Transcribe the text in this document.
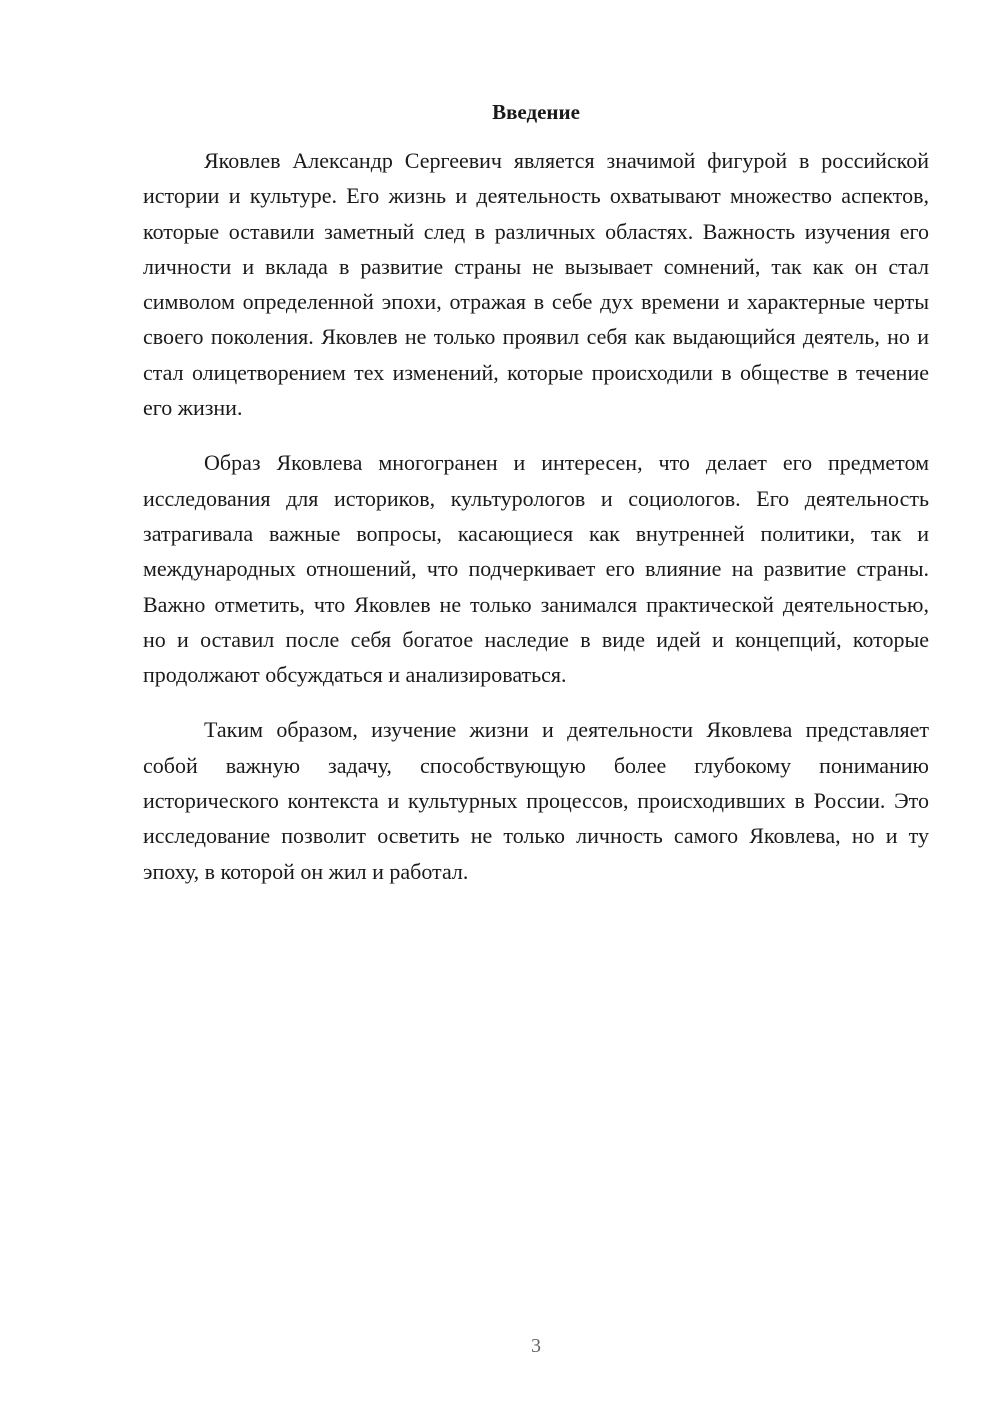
Введение

Яковлев Александр Сергеевич является значимой фигурой в российской истории и культуре. Его жизнь и деятельность охватывают множество аспектов, которые оставили заметный след в различных областях. Важность изучения его личности и вклада в развитие страны не вызывает сомнений, так как он стал символом определенной эпохи, отражая в себе дух времени и характерные черты своего поколения. Яковлев не только проявил себя как выдающийся деятель, но и стал олицетворением тех изменений, которые происходили в обществе в течение его жизни.

Образ Яковлева многогранен и интересен, что делает его предметом исследования для историков, культурологов и социологов. Его деятельность затрагивала важные вопросы, касающиеся как внутренней политики, так и международных отношений, что подчеркивает его влияние на развитие страны. Важно отметить, что Яковлев не только занимался практической деятельностью, но и оставил после себя богатое наследие в виде идей и концепций, которые продолжают обсуждаться и анализироваться.

Таким образом, изучение жизни и деятельности Яковлева представляет собой важную задачу, способствующую более глубокому пониманию исторического контекста и культурных процессов, происходивших в России. Это исследование позволит осветить не только личность самого Яковлева, но и ту эпоху, в которой он жил и работал.

3
